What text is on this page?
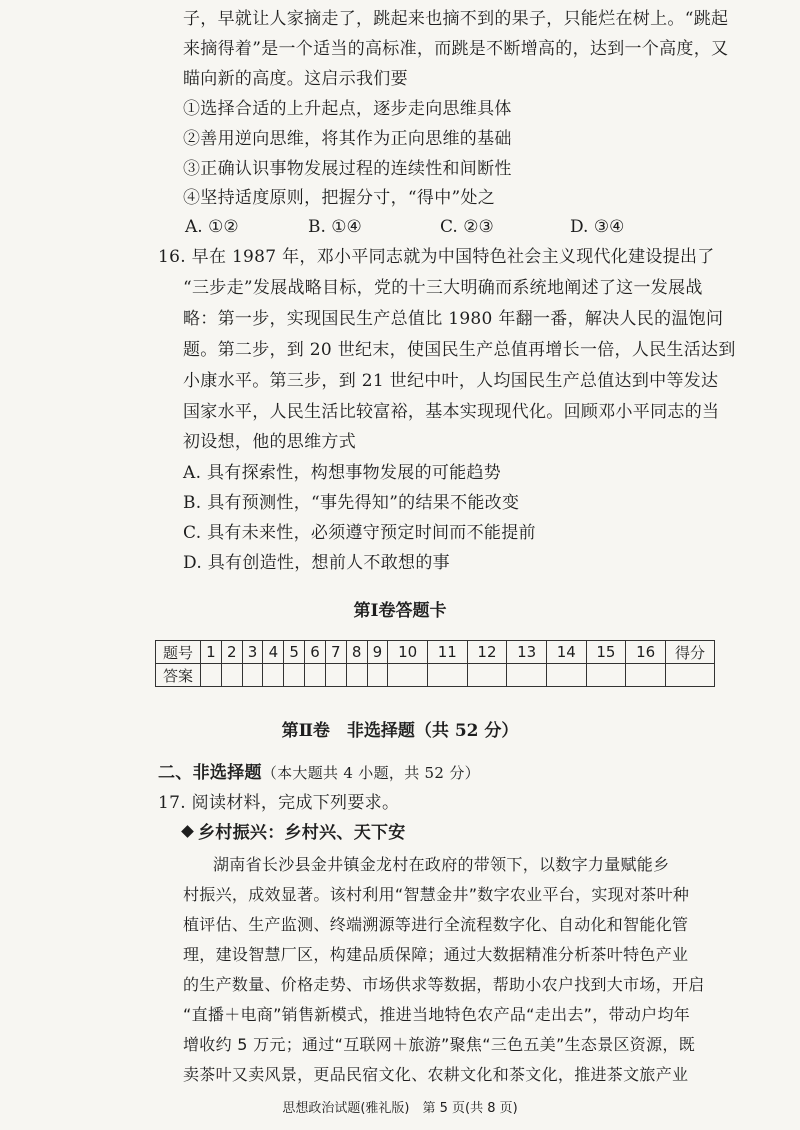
子，早就让人家摘走了，跳起来也摘不到的果子，只能烂在树上。“跳起
来摘得着”是一个适当的高标准，而跳是不断增高的，达到一个高度，又
瞄向新的高度。这启示我们要
①选择合适的上升起点，逐步走向思维具体
②善用逆向思维，将其作为正向思维的基础
③正确认识事物发展过程的连续性和间断性
④坚持适度原则，把握分寸，“得中”处之
A. ①②	B. ①④	C. ②③	D. ③④
16. 早在 1987 年，邓小平同志就为中国特色社会主义现代化建设提出了
“三步走”发展战略目标，党的十三大明确而系统地阐述了这一发展战
略：第一步，实现国民生产总值比 1980 年翻一番，解决人民的温饱问
题。第二步，到 20 世纪末，使国民生产总值再增长一倍，人民生活达到
小康水平。第三步，到 21 世纪中叶，人均国民生产总值达到中等发达
国家水平，人民生活比较富裕，基本实现现代化。回顾邓小平同志的当
初设想，他的思维方式
A. 具有探索性，构想事物发展的可能趋势
B. 具有预测性，“事先得知”的结果不能改变
C. 具有未来性，必须遵守预定时间而不能提前
D. 具有创造性，想前人不敢想的事
第Ⅰ卷答题卡
题号	1	2	3	4	5	6	7	8	9	10	11	12	13	14	15	16	得分
答案																	
第Ⅱ卷　非选择题（共 52 分）
二、非选择题（本大题共 4 小题，共 52 分）
17. 阅读材料，完成下列要求。
乡村振兴：乡村兴、天下安
湖南省长沙县金井镇金龙村在政府的带领下，以数字力量赋能乡
村振兴，成效显著。该村利用“智慧金井”数字农业平台，实现对茶叶种
植评估、生产监测、终端溯源等进行全流程数字化、自动化和智能化管
理，建设智慧厂区，构建品质保障；通过大数据精准分析茶叶特色产业
的生产数量、价格走势、市场供求等数据，帮助小农户找到大市场，开启
“直播＋电商”销售新模式，推进当地特色农产品“走出去”，带动户均年
增收约 5 万元；通过“互联网＋旅游”聚焦“三色五美”生态景区资源，既
卖茶叶又卖风景，更品民宿文化、农耕文化和茶文化，推进茶文旅产业
思想政治试题(雅礼版)　第 5 页(共 8 页)
